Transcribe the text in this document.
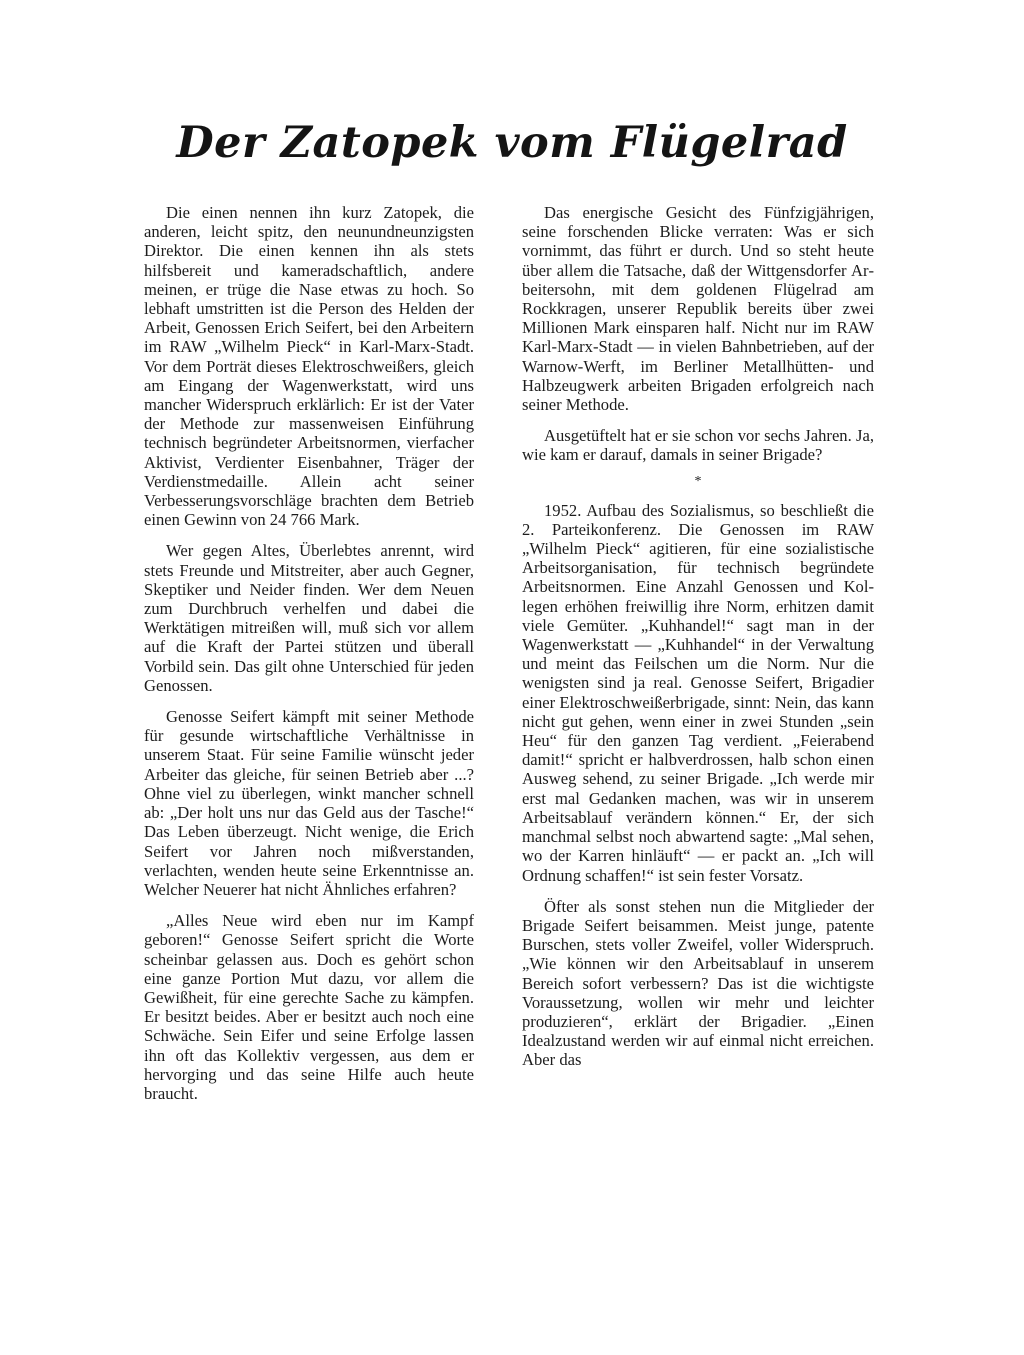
Der Zatopek vom Flügelrad

Die einen nennen ihn kurz Zatopek, die anderen, leicht spitz, den neunundneunzigsten Direktor. Die einen kennen ihn als stets hilfsbereit und kameradschaftlich, andere meinen, er trüge die Nase etwas zu hoch. So lebhaft umstritten ist die Person des Helden der Arbeit, Genossen Erich Seifert, bei den Arbeitern im RAW „Wilhelm Pieck“ in Karl-Marx-Stadt. Vor dem Porträt dieses Elektroschweißers, gleich am Eingang der Wagenwerkstatt, wird uns mancher Widerspruch erklärlich: Er ist der Vater der Methode zur massenweisen Einführung technisch begründeter Arbeitsnormen, vierfacher Aktivist, Verdienter Eisenbahner, Träger der Verdienstmedaille. Allein acht seiner Verbesserungsvorschläge brachten dem Betrieb einen Gewinn von 24 766 Mark.

Wer gegen Altes, Überlebtes anrennt, wird stets Freunde und Mitstreiter, aber auch Gegner, Skeptiker und Neider finden. Wer dem Neuen zum Durchbruch verhelfen und dabei die Werktätigen mitreißen will, muß sich vor allem auf die Kraft der Partei stützen und überall Vorbild sein. Das gilt ohne Unterschied für jeden Genossen.

Genosse Seifert kämpft mit seiner Methode für gesunde wirtschaftliche Verhältnisse in unserem Staat. Für seine Familie wünscht jeder Arbeiter das gleiche, für seinen Betrieb aber ...? Ohne viel zu überlegen, winkt mancher schnell ab: „Der holt uns nur das Geld aus der Tasche!“ Das Leben überzeugt. Nicht wenige, die Erich Seifert vor Jahren noch mißverstanden, verlachten, wenden heute seine Erkenntnisse an. Welcher Neuerer hat nicht Ähnliches erfahren?

„Alles Neue wird eben nur im Kampf geboren!“ Genosse Seifert spricht die Worte scheinbar gelassen aus. Doch es gehört schon eine ganze Portion Mut dazu, vor allem die Gewißheit, für eine gerechte Sache zu kämpfen. Er besitzt beides. Aber er besitzt auch noch eine Schwäche. Sein Eifer und seine Erfolge lassen ihn oft das Kollektiv vergessen, aus dem er hervorging und das seine Hilfe auch heute braucht.

Das energische Gesicht des Fünfzigjährigen, seine forschenden Blicke verraten: Was er sich vornimmt, das führt er durch. Und so steht heute über allem die Tatsache, daß der Wittgensdorfer Arbeitersohn, mit dem goldenen Flügelrad am Rockkragen, unserer Republik bereits über zwei Millionen Mark einsparen half. Nicht nur im RAW Karl-Marx-Stadt — in vielen Bahnbetrieben, auf der Warnow-Werft, im Berliner Metallhütten- und Halbzeugwerk arbeiten Brigaden erfolgreich nach seiner Methode.

Ausgetüftelt hat er sie schon vor sechs Jahren. Ja, wie kam er darauf, damals in seiner Brigade?

*

1952. Aufbau des Sozialismus, so beschließt die 2. Parteikonferenz. Die Genossen im RAW „Wilhelm Pieck“ agitieren, für eine sozialistische Arbeitsorganisation, für technisch begründete Arbeitsnormen. Eine Anzahl Genossen und Kollegen erhöhen freiwillig ihre Norm, erhitzen damit viele Gemüter. „Kuhhandel!“ sagt man in der Wagenwerkstatt — „Kuhhandel“ in der Verwaltung und meint das Feilschen um die Norm. Nur die wenigsten sind ja real. Genosse Seifert, Brigadier einer Elektroschweißerbrigade, sinnt: Nein, das kann nicht gut gehen, wenn einer in zwei Stunden „sein Heu“ für den ganzen Tag verdient. „Feierabend damit!“ spricht er halbverdrossen, halb schon einen Ausweg sehend, zu seiner Brigade. „Ich werde mir erst mal Gedanken machen, was wir in unserem Arbeitsablauf verändern können.“ Er, der sich manchmal selbst noch abwartend sagte: „Mal sehen, wo der Karren hinläuft“ — er packt an. „Ich will Ordnung schaffen!“ ist sein fester Vorsatz.

Öfter als sonst stehen nun die Mitglieder der Brigade Seifert beisammen. Meist junge, patente Burschen, stets voller Zweifel, voller Widerspruch. „Wie können wir den Arbeitsablauf in unserem Bereich sofort verbessern? Das ist die wichtigste Voraussetzung, wollen wir mehr und leichter produzieren“, erklärt der Brigadier. „Einen Idealzustand werden wir auf einmal nicht erreichen. Aber das
